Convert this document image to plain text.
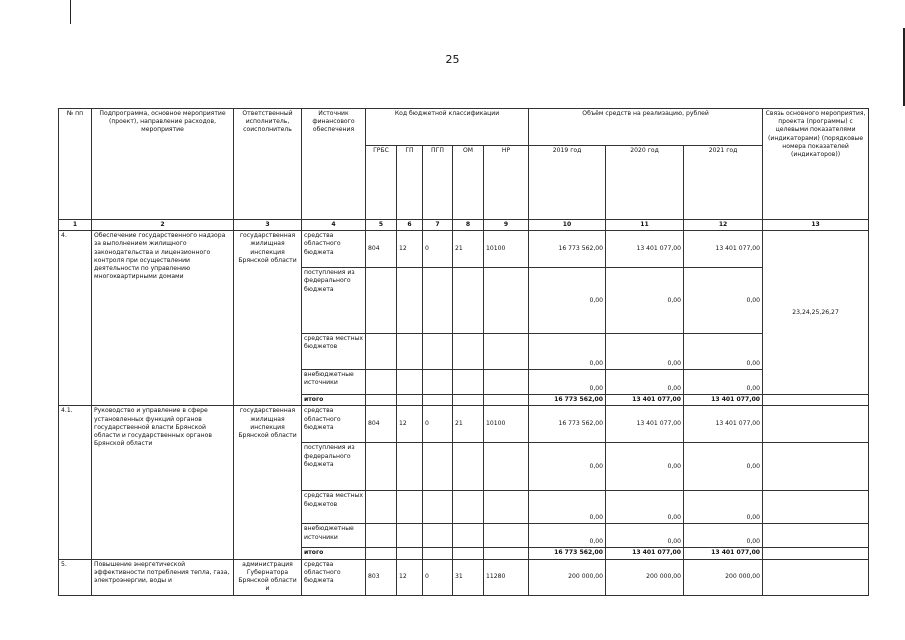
25
№ пп	Подпрограмма, основное мероприятие (проект), направление расходов, мероприятие	Ответственный исполнитель, соисполнитель	Источник финансового обеспечения	Код бюджетной классификации					Объём средств на реализацию, рублей			Связь основного мероприятия, проекта (программы) с целевыми показателями (индикаторами) (порядковые номера показателей (индикаторов))
				ГРБС	ГП	ПГП	ОМ	НР	2019 год	2020 год	2021 год	
1	2	3	4	5	6	7	8	9	10	11	12	13
4.	Обеспечение государственного надзора за выполнением жилищного законодательства и лицензионного контроля при осуществлении деятельности по управлению многоквартирными домами	государственная жилищная инспекция Брянской области	средства областного бюджета	804	12	0	21	10100	16 773 562,00	13 401 077,00	13 401 077,00	23,24,25,26,27
			поступления из федерального бюджета						0,00	0,00	0,00	
			средства местных бюджетов						0,00	0,00	0,00	
			внебюджетные источники						0,00	0,00	0,00	
			итого						16 773 562,00	13 401 077,00	13 401 077,00	
4.1.	Руководство и управление в сфере установленных функций органов государственной власти Брянской области и государственных органов Брянской области	государственная жилищная инспекция Брянской области	средства областного бюджета	804	12	0	21	10100	16 773 562,00	13 401 077,00	13 401 077,00	
			поступления из федерального бюджета						0,00	0,00	0,00	
			средства местных бюджетов						0,00	0,00	0,00	
			внебюджетные источники						0,00	0,00	0,00	
			итого						16 773 562,00	13 401 077,00	13 401 077,00	
5.	Повышение энергетической эффективности потребления тепла, газа, электроэнергии, воды и	администрация Губернатора Брянской области и	средства областного бюджета	803	12	0	31	11280	200 000,00	200 000,00	200 000,00	
